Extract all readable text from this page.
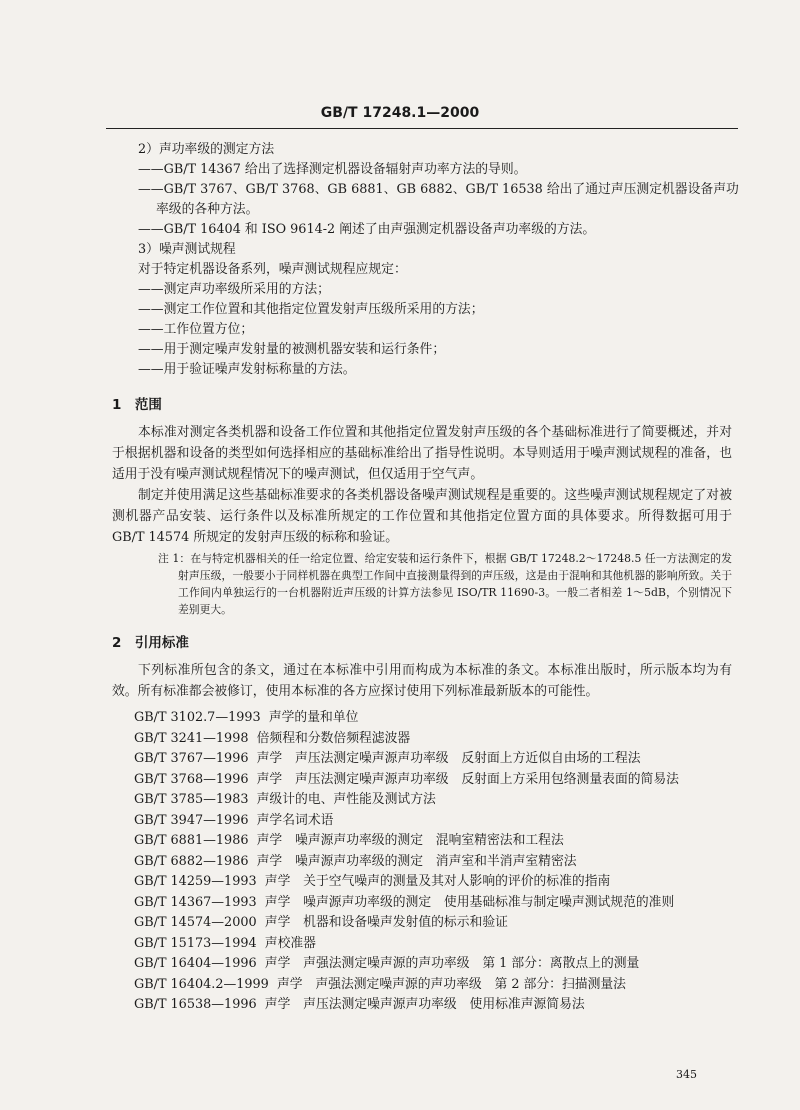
GB/T 17248.1—2000
2）声功率级的测定方法
——GB/T 14367 给出了选择测定机器设备辐射声功率方法的导则。
——GB/T 3767、GB/T 3768、GB 6881、GB 6882、GB/T 16538 给出了通过声压测定机器设备声功
率级的各种方法。
——GB/T 16404 和 ISO 9614-2 阐述了由声强测定机器设备声功率级的方法。
3）噪声测试规程
对于特定机器设备系列，噪声测试规程应规定：
——测定声功率级所采用的方法；
——测定工作位置和其他指定位置发射声压级所采用的方法；
——工作位置方位；
——用于测定噪声发射量的被测机器安装和运行条件；
——用于验证噪声发射标称量的方法。
1　范围
本标准对测定各类机器和设备工作位置和其他指定位置发射声压级的各个基础标准进行了简要概述，并对于根据机器和设备的类型如何选择相应的基础标准给出了指导性说明。本导则适用于噪声测试规程的准备，也适用于没有噪声测试规程情况下的噪声测试，但仅适用于空气声。
制定并使用满足这些基础标准要求的各类机器设备噪声测试规程是重要的。这些噪声测试规程规定了对被测机器产品安装、运行条件以及标准所规定的工作位置和其他指定位置方面的具体要求。所得数据可用于 GB/T 14574 所规定的发射声压级的标称和验证。
注 1：在与特定机器相关的任一给定位置、给定安装和运行条件下，根据 GB/T 17248.2～17248.5 任一方法测定的发射声压级，一般要小于同样机器在典型工作间中直接测量得到的声压级，这是由于混响和其他机器的影响所致。关于工作间内单独运行的一台机器附近声压级的计算方法参见 ISO/TR 11690-3。一般二者相差 1～5dB，个别情况下差别更大。
2　引用标准
下列标准所包含的条文，通过在本标准中引用而构成为本标准的条文。本标准出版时，所示版本均为有效。所有标准都会被修订，使用本标准的各方应探讨使用下列标准最新版本的可能性。
GB/T 3102.7—1993 声学的量和单位
GB/T 3241—1998 倍频程和分数倍频程滤波器
GB/T 3767—1996 声学　声压法测定噪声源声功率级　反射面上方近似自由场的工程法
GB/T 3768—1996 声学　声压法测定噪声源声功率级　反射面上方采用包络测量表面的简易法
GB/T 3785—1983 声级计的电、声性能及测试方法
GB/T 3947—1996 声学名词术语
GB/T 6881—1986 声学　噪声源声功率级的测定　混响室精密法和工程法
GB/T 6882—1986 声学　噪声源声功率级的测定　消声室和半消声室精密法
GB/T 14259—1993 声学　关于空气噪声的测量及其对人影响的评价的标准的指南
GB/T 14367—1993 声学　噪声源声功率级的测定　使用基础标准与制定噪声测试规范的准则
GB/T 14574—2000 声学　机器和设备噪声发射值的标示和验证
GB/T 15173—1994 声校准器
GB/T 16404—1996 声学　声强法测定噪声源的声功率级　第 1 部分：离散点上的测量
GB/T 16404.2—1999 声学　声强法测定噪声源的声功率级　第 2 部分：扫描测量法
GB/T 16538—1996 声学　声压法测定噪声源声功率级　使用标准声源简易法
345
